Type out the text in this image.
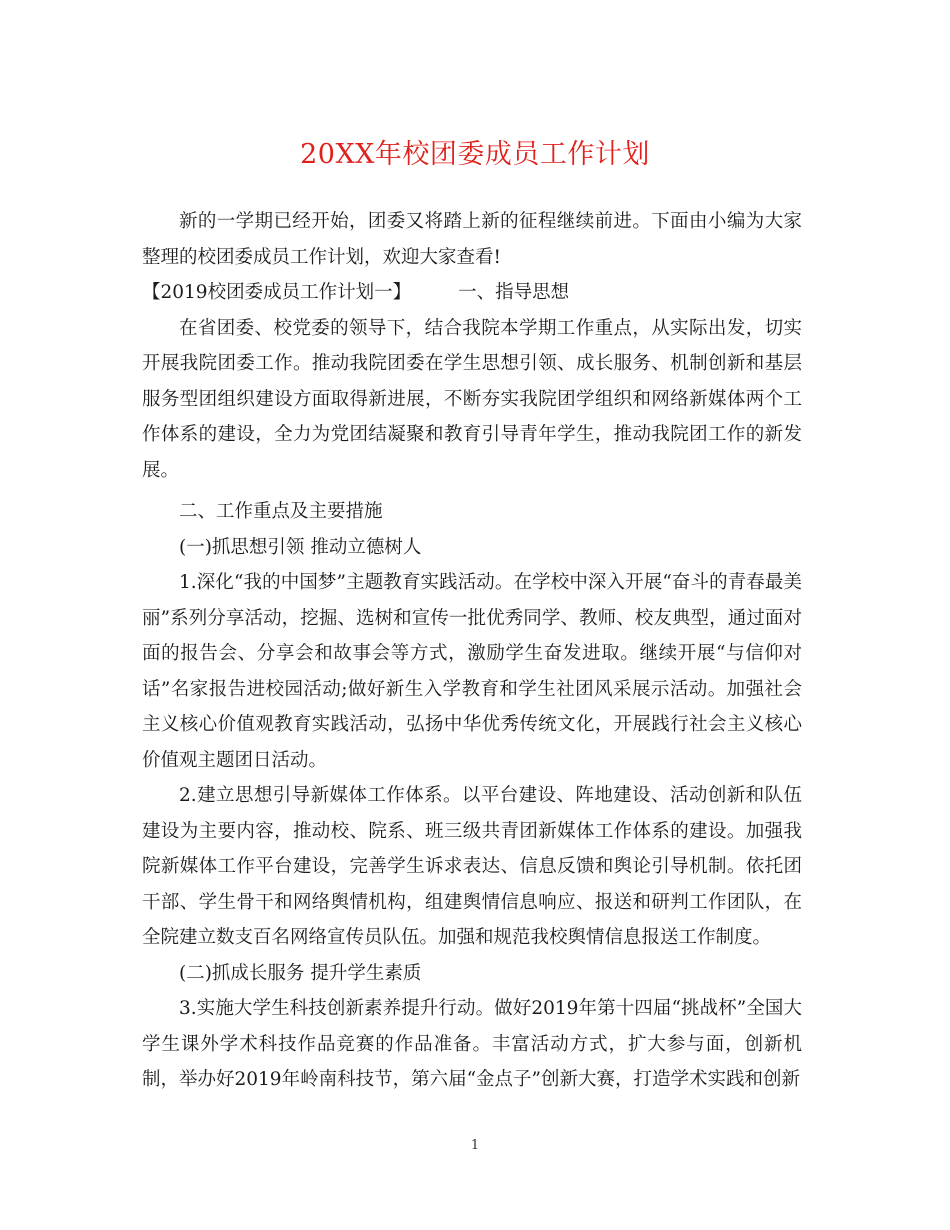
20XX年校团委成员工作计划

新的一学期已经开始，团委又将踏上新的征程继续前进。下面由小编为大家整理的校团委成员工作计划，欢迎大家查看!

【2019校团委成员工作计划一】	一、指导思想

在省团委、校党委的领导下，结合我院本学期工作重点，从实际出发，切实开展我院团委工作。推动我院团委在学生思想引领、成长服务、机制创新和基层服务型团组织建设方面取得新进展，不断夯实我院团学组织和网络新媒体两个工作体系的建设，全力为党团结凝聚和教育引导青年学生，推动我院团工作的新发展。

二、工作重点及主要措施

(一)抓思想引领 推动立德树人

1.深化“我的中国梦”主题教育实践活动。在学校中深入开展“奋斗的青春最美丽”系列分享活动，挖掘、选树和宣传一批优秀同学、教师、校友典型，通过面对面的报告会、分享会和故事会等方式，激励学生奋发进取。继续开展“与信仰对话”名家报告进校园活动;做好新生入学教育和学生社团风采展示活动。加强社会主义核心价值观教育实践活动，弘扬中华优秀传统文化，开展践行社会主义核心价值观主题团日活动。

2.建立思想引导新媒体工作体系。以平台建设、阵地建设、活动创新和队伍建设为主要内容，推动校、院系、班三级共青团新媒体工作体系的建设。加强我院新媒体工作平台建设，完善学生诉求表达、信息反馈和舆论引导机制。依托团干部、学生骨干和网络舆情机构，组建舆情信息响应、报送和研判工作团队，在全院建立数支百名网络宣传员队伍。加强和规范我校舆情信息报送工作制度。

(二)抓成长服务 提升学生素质

3.实施大学生科技创新素养提升行动。做好2019年第十四届“挑战杯”全国大学生课外学术科技作品竞赛的作品准备。丰富活动方式，扩大参与面，创新机制，举办好2019年岭南科技节，第六届“金点子”创新大赛，打造学术实践和创新

1
